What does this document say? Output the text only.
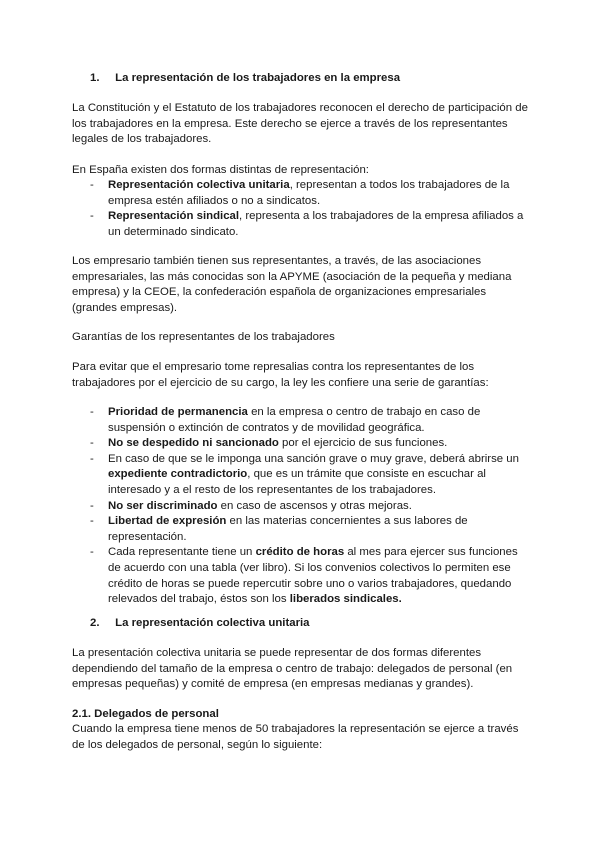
1. La representación de los trabajadores en la empresa

La Constitución y el Estatuto de los trabajadores reconocen el derecho de participación de los trabajadores en la empresa. Este derecho se ejerce a través de los representantes legales de los trabajadores.

En España existen dos formas distintas de representación:

- Representación colectiva unitaria, representan a todos los trabajadores de la empresa estén afiliados o no a sindicatos.
- Representación sindical, representa a los trabajadores de la empresa afiliados a un determinado sindicato.

Los empresario también tienen sus representantes, a través, de las asociaciones empresariales, las más conocidas son la APYME (asociación de la pequeña y mediana empresa) y la CEOE, la confederación española de organizaciones empresariales (grandes empresas).

Garantías de los representantes de los trabajadores

Para evitar que el empresario tome represalias contra los representantes de los trabajadores por el ejercicio de su cargo, la ley les confiere una serie de garantías:

- Prioridad de permanencia en la empresa o centro de trabajo en caso de suspensión o extinción de contratos y de movilidad geográfica.
- No se despedido ni sancionado por el ejercicio de sus funciones.
- En caso de que se le imponga una sanción grave o muy grave, deberá abrirse un expediente contradictorio, que es un trámite que consiste en escuchar al interesado y a el resto de los representantes de los trabajadores.
- No ser discriminado en caso de ascensos y otras mejoras.
- Libertad de expresión en las materias concernientes a sus labores de representación.
- Cada representante tiene un crédito de horas al mes para ejercer sus funciones de acuerdo con una tabla (ver libro). Si los convenios colectivos lo permiten ese crédito de horas se puede repercutir sobre uno o varios trabajadores, quedando relevados del trabajo, éstos son los liberados sindicales.
2. La representación colectiva unitaria

La presentación colectiva unitaria se puede representar de dos formas diferentes dependiendo del tamaño de la empresa o centro de trabajo: delegados de personal (en empresas pequeñas) y comité de empresa (en empresas medianas y grandes).

2.1. Delegados de personal

Cuando la empresa tiene menos de 50 trabajadores la representación se ejerce a través de los delegados de personal, según lo siguiente:
